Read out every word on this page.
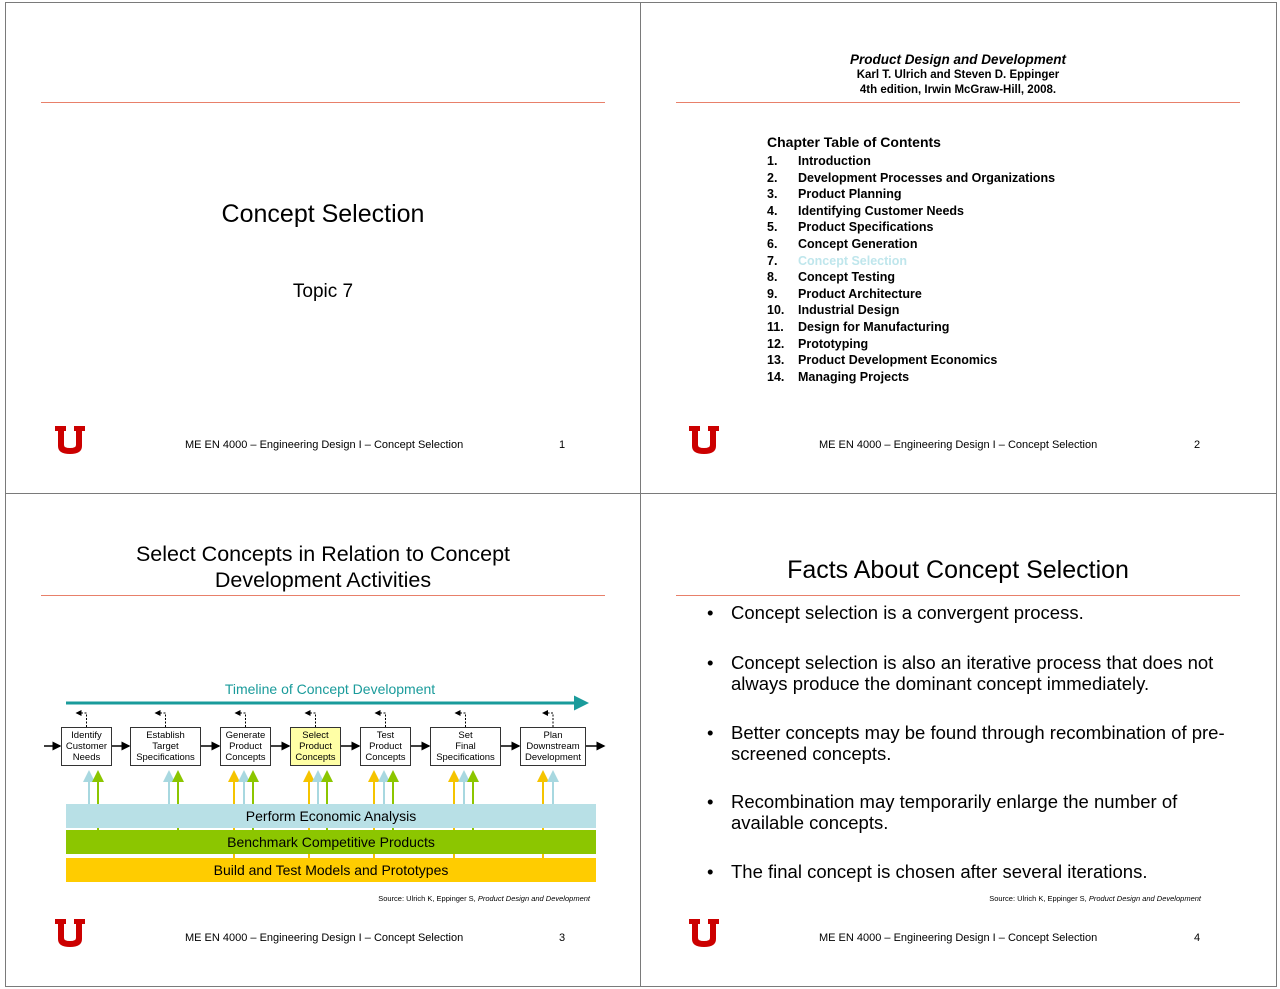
Concept Selection
Topic 7
ME EN 4000 – Engineering Design I – Concept Selection	1
Product Design and Development
Karl T. Ulrich and Steven D. Eppinger
4th edition, Irwin McGraw-Hill, 2008.
Chapter Table of Contents
1. Introduction
2. Development Processes and Organizations
3. Product Planning
4. Identifying Customer Needs
5. Product Specifications
6. Concept Generation
7. Concept Selection
8. Concept Testing
9. Product Architecture
10. Industrial Design
11. Design for Manufacturing
12. Prototyping
13. Product Development Economics
14. Managing Projects
ME EN 4000 – Engineering Design I – Concept Selection	2
Select Concepts in Relation to Concept
Development Activities
Timeline of Concept Development
Identify
Customer
Needs
Establish
Target
Specifications
Generate
Product
Concepts
Select
Product
Concepts
Test
Product
Concepts
Set
Final
Specifications
Plan
Downstream
Development
Perform Economic Analysis
Benchmark Competitive Products
Build and Test Models and Prototypes
Source: Ulrich K, Eppinger S, Product Design and Development
ME EN 4000 – Engineering Design I – Concept Selection	3
Facts About Concept Selection
• Concept selection is a convergent process.
• Concept selection is also an iterative process that does not always produce the dominant concept immediately.
• Better concepts may be found through recombination of pre-screened concepts.
• Recombination may temporarily enlarge the number of available concepts.
• The final concept is chosen after several iterations.
Source: Ulrich K, Eppinger S, Product Design and Development
ME EN 4000 – Engineering Design I – Concept Selection	4
